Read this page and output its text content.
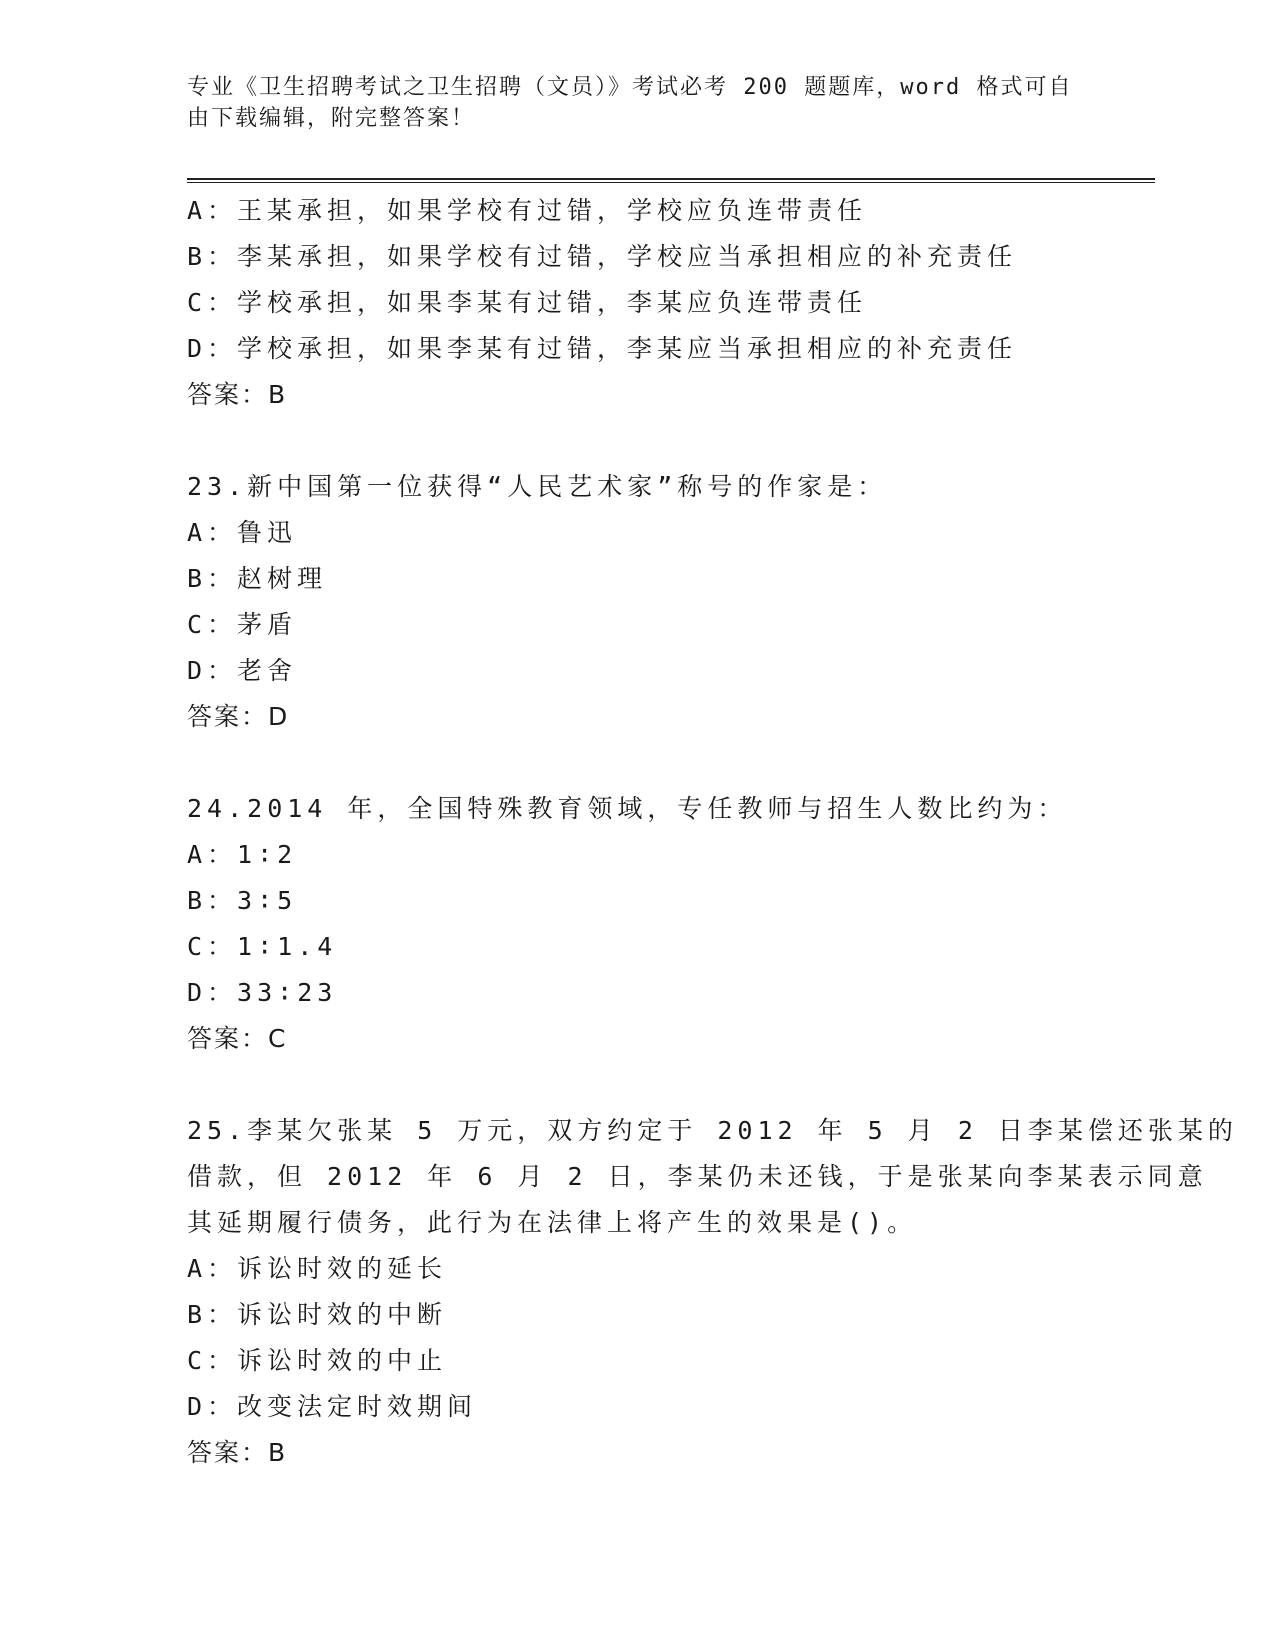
专业《卫生招聘考试之卫生招聘（文员）》考试必考 200 题题库，word 格式可自
由下载编辑，附完整答案！
A：王某承担，如果学校有过错，学校应负连带责任
B：李某承担，如果学校有过错，学校应当承担相应的补充责任
C：学校承担，如果李某有过错，李某应负连带责任
D：学校承担，如果李某有过错，李某应当承担相应的补充责任
答案：B
23.新中国第一位获得“人民艺术家”称号的作家是：
A：鲁迅
B：赵树理
C：茅盾
D：老舍
答案：D
24.2014 年，全国特殊教育领域，专任教师与招生人数比约为：
A：1∶2
B：3∶5
C：1∶1.4
D：33∶23
答案：C
25.李某欠张某 5 万元，双方约定于 2012 年 5 月 2 日李某偿还张某的
借款，但 2012 年 6 月 2 日，李某仍未还钱，于是张某向李某表示同意
其延期履行债务，此行为在法律上将产生的效果是()。
A：诉讼时效的延长
B：诉讼时效的中断
C：诉讼时效的中止
D：改变法定时效期间
答案：B
